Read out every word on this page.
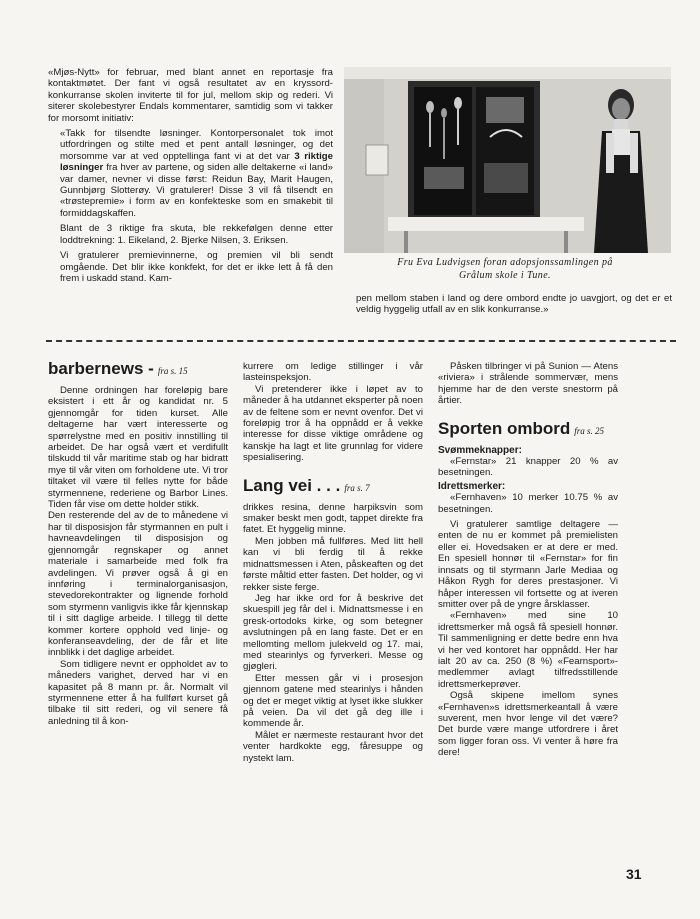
«Mjøs-Nytt» for februar, med blant annet en reportasje fra kontaktmøtet. Der fant vi også resultatet av en kryssord-konkurranse skolen inviterte til for jul, mellom skip og rederi. Vi siterer skolebestyrer Endals kommentarer, samtidig som vi takker for morsomt initiativ:

«Takk for tilsendte løsninger. Kontorpersonalet tok imot utfordringen og stilte med et pent antall løsninger, og det morsomme var at ved opptellinga fant vi at det var 3 riktige løsninger fra hver av partene, og siden alle deltakerne «i land» var damer, nevner vi disse først: Reidun Bay, Marit Haugen, Gunnbjørg Slotterøy. Vi gratulerer! Disse 3 vil få tilsendt en «trøstepremie» i form av en konfekteske som en smakebit til formiddagskaffen.

Blant de 3 riktige fra skuta, ble rekkefølgen denne etter loddtrekning: 1. Eikeland, 2. Bjerke Nilsen, 3. Eriksen.

Vi gratulerer premievinnerne, og premien vil bli sendt omgående. Det blir ikke konkfekt, for det er ikke lett å få den frem i uskadd stand. Kam-

Fru Eva Ludvigsen foran adopsjonssamlingen på
Grålum skole i Tune.

pen mellom staben i land og dere ombord endte jo uavgjort, og det er et veldig hyggelig utfall av en slik konkurranse.»

barbernews - fra s. 15

Denne ordningen har foreløpig bare eksistert i ett år og kandidat nr. 5 gjennomgår for tiden kurset. Alle deltagerne har vært interesserte og spørrelystne med en positiv innstilling til arbeidet. De har også vært et verdifullt tilskudd til vår maritime stab og har bidratt mye til vår viten om forholdene ute. Vi tror tiltaket vil være til felles nytte for både styrmennene, rederiene og Barbor Lines. Tiden får vise om dette holder stikk.

Den resterende del av de to månedene vi har til disposisjon får styrmannen en pult i havneavdelingen til disposisjon og gjennomgår regnskaper og annet materiale i samarbeide med folk fra avdelingen. Vi prøver også å gi en innføring i terminalorganisasjon, stevedorekontrakter og lignende forhold som styrmenn vanligvis ikke får kjennskap til i sitt daglige arbeide. I tillegg til dette kommer kortere opphold ved linje- og konferanseavdeling, der de får et lite innblikk i det daglige arbeidet.

Som tidligere nevnt er oppholdet av to måneders varighet, derved har vi en kapasitet på 8 mann pr. år. Normalt vil styrmennene etter å ha fullført kurset gå tilbake til sitt rederi, og vil senere få anledning til å kon-

kurrere om ledige stillinger i vår lasteinspeksjon.

Vi pretenderer ikke i løpet av to måneder å ha utdannet eksperter på noen av de feltene som er nevnt ovenfor. Det vi foreløpig tror å ha oppnådd er å vekke interesse for disse viktige områdene og kanskje ha lagt et lite grunnlag for videre spesialisering.

Lang vei . . . fra s. 7

drikkes resina, denne harpiksvin som smaker beskt men godt, tappet direkte fra fatet. Et hyggelig minne.

Men jobben må fullføres. Med litt hell kan vi bli ferdig til å rekke midnattsmessen i Aten, påskeaften og det første måltid etter fasten. Det holder, og vi rekker siste ferge.

Jeg har ikke ord for å beskrive det skuespill jeg får del i. Midnattsmesse i en gresk-ortodoks kirke, og som betegner avslutningen på en lang faste. Det er en mellomting mellom julekveld og 17. mai, med stearinlys og fyrverkeri. Messe og gjøgleri.

Etter messen går vi i prosesjon gjennom gatene med stearinlys i hånden og det er meget viktig at lyset ikke slukker på veien. Da vil det gå deg ille i kommende år.

Målet er nærmeste restaurant hvor det venter hardkokte egg, fåresuppe og nystekt lam.

Påsken tilbringer vi på Sunion — Atens «riviera» i strålende sommervær, mens hjemme har de den verste snestorm på årtier.

Sporten ombord fra s. 25

Svømmeknapper:

«Fernstar» 21 knapper 20 % av besetningen.

Idrettsmerker:

«Fernhaven» 10 merker 10.75 % av besetningen.

Vi gratulerer samtlige deltagere — enten de nu er kommet på premielisten eller ei. Hovedsaken er at dere er med. En spesiell honnør til «Fernstar» for fin innsats og til styrmann Jarle Mediaa og Håkon Rygh for deres prestasjoner. Vi håper interessen vil fortsette og at iveren smitter over på de yngre årsklasser.

«Fernhaven» med sine 10 idrettsmerker må også få spesiell honnør. Til sammenligning er dette bedre enn hva vi her ved kontoret har oppnådd. Her har ialt 20 av ca. 250 (8 %) «Fearnsport»-medlemmer avlagt tilfredsstillende idrettsmerkeprøver.

Også skipene imellom synes «Fernhaven»s idrettsmerkeantall å være suverent, men hvor lenge vil det være? Det burde være mange utfordrere i året som ligger foran oss. Vi venter å høre fra dere!

31
